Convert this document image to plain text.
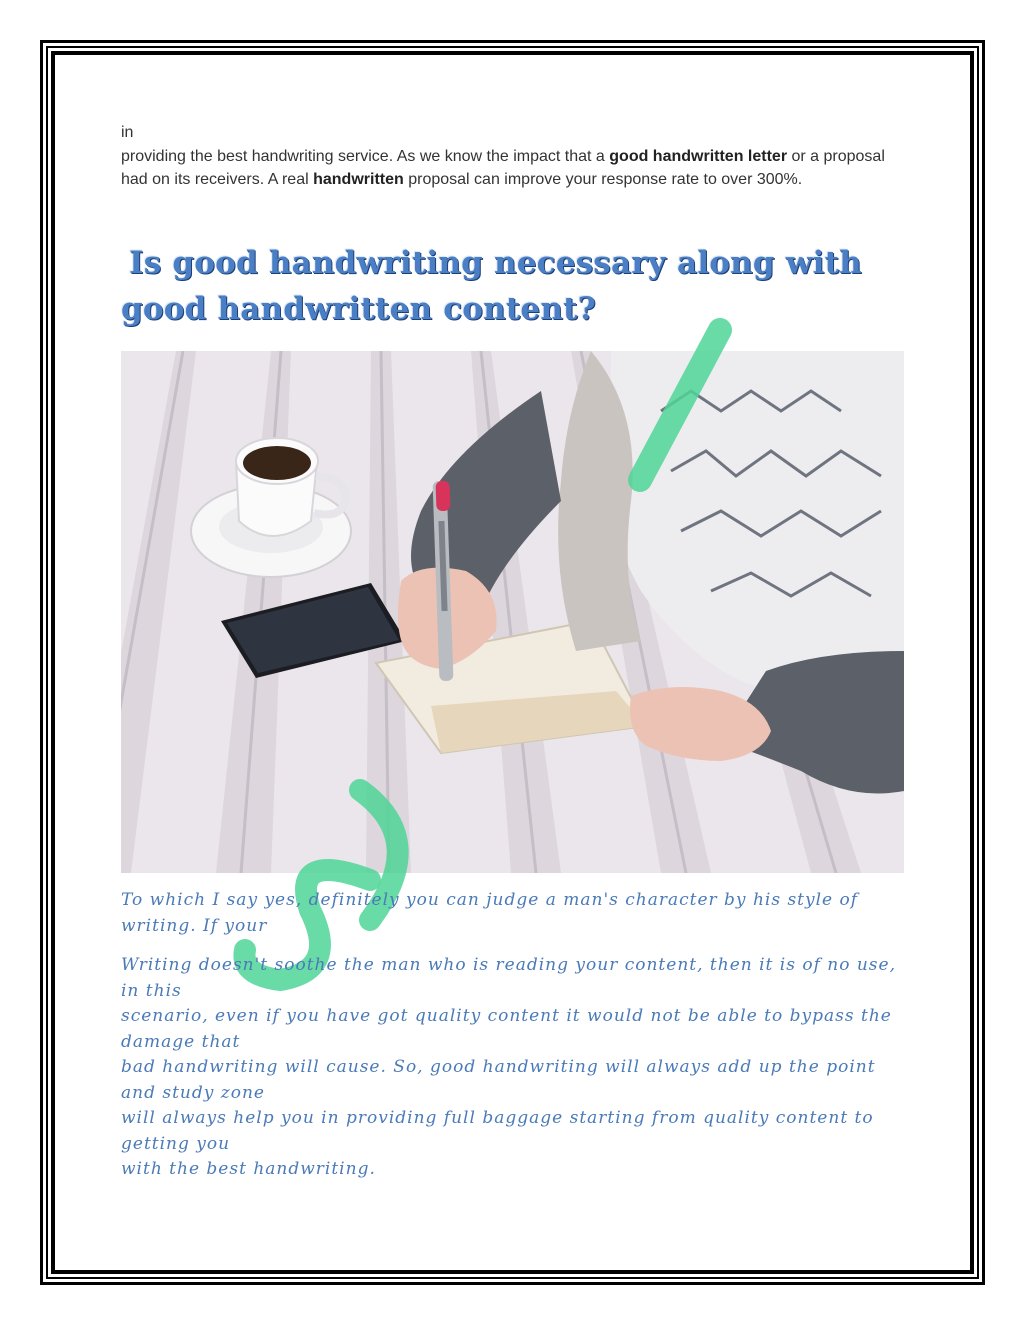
in
providing the best handwriting service. As we know the impact that a good handwritten letter or a proposal had on its receivers. A real handwritten proposal can improve your response rate to over 300%.
Is good handwriting necessary along with
good handwritten content?
To which I say yes, definitely you can judge a man's character by his style of
writing. If your
Writing doesn't soothe the man who is reading your content, then it is of no use,
in this
scenario, even if you have got quality content it would not be able to bypass the
damage that
bad handwriting will cause. So, good handwriting will always add up the point
and study zone
will always help you in providing full baggage starting from quality content to
getting you
with the best handwriting.
